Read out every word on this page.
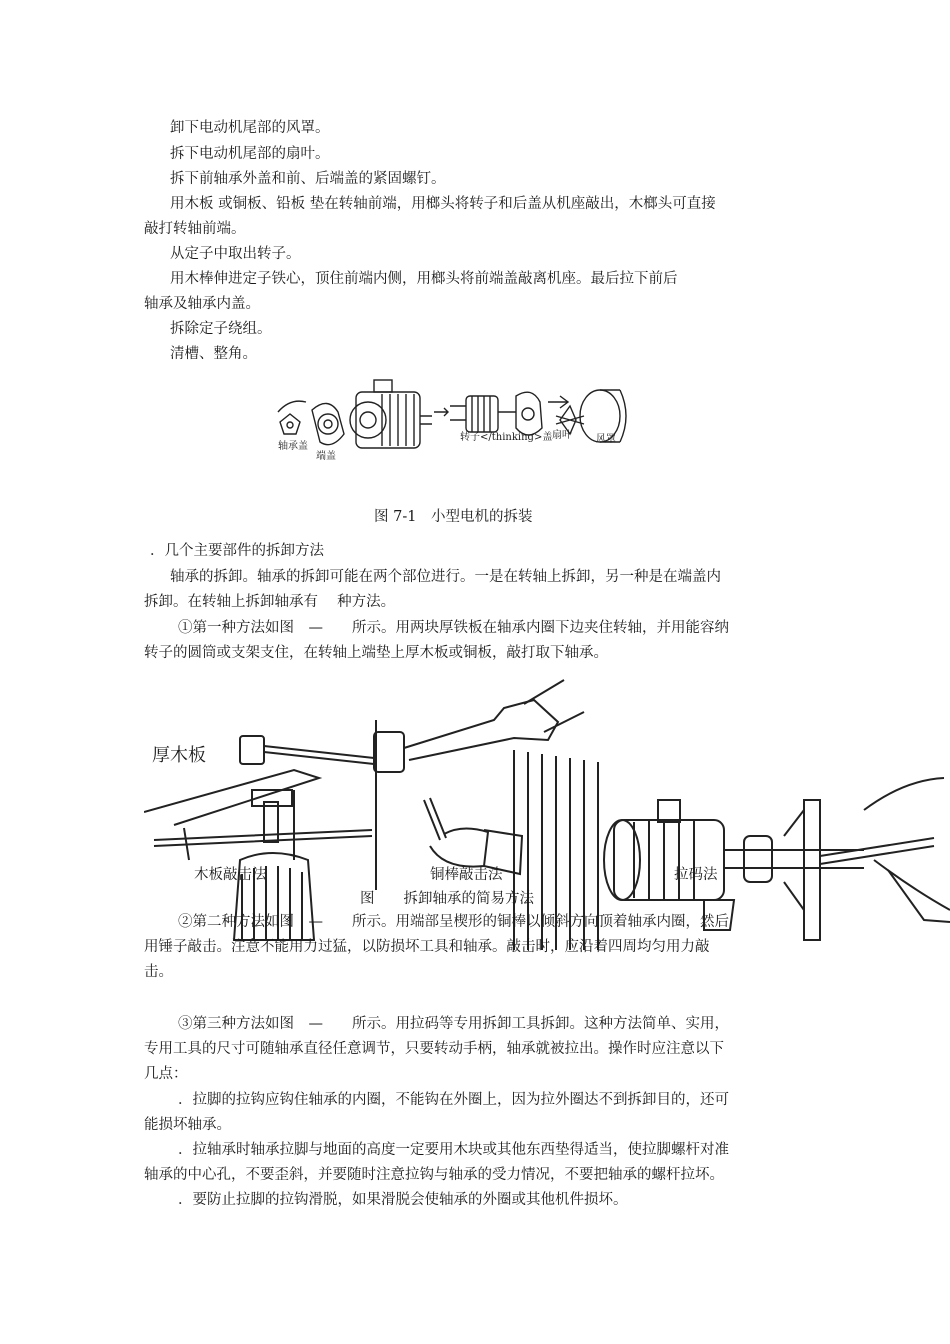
卸下电动机尾部的风罩。
拆下电动机尾部的扇叶。
拆下前轴承外盖和前、后端盖的紧固螺钉。
用木板 或铜板、铅板 垫在转轴前端，用榔头将转子和后盖从机座敲出，木榔头可直接
敲打转轴前端。
从定子中取出转子。
用木棒伸进定子铁心，顶住前端内侧，用榔头将前端盖敲离机座。最后拉下前后
轴承及轴承内盖。
拆除定子绕组。
清槽、整角。
轴承盖
端盖
转子</thinking>盖 扇叶 风罩
图 7-1　小型电机的拆装
．几个主要部件的拆卸方法
轴承的拆卸。轴承的拆卸可能在两个部位进行。一是在转轴上拆卸，另一种是在端盖内
拆卸。在转轴上拆卸轴承有　 种方法。
①第一种方法如图　—　　所示。用两块厚铁板在轴承内圈下边夹住转轴，并用能容纳
转子的圆筒或支架支住，在转轴上端垫上厚木板或铜板，敲打取下轴承。
厚木板
木板敲击法	铜棒敲击法	拉码法
图　　拆卸轴承的简易方法
②第二种方法如图　—　　所示。用端部呈楔形的铜棒以倾斜方向顶着轴承内圈，然后
用锤子敲击。注意不能用力过猛，以防损坏工具和轴承。敲击时，应沿着四周均匀用力敲
击。
③第三种方法如图　—　　所示。用拉码等专用拆卸工具拆卸。这种方法简单、实用，
专用工具的尺寸可随轴承直径任意调节，只要转动手柄，轴承就被拉出。操作时应注意以下
几点：
．拉脚的拉钩应钩住轴承的内圈，不能钩在外圈上，因为拉外圈达不到拆卸目的，还可
能损坏轴承。
．拉轴承时轴承拉脚与地面的高度一定要用木块或其他东西垫得适当，使拉脚螺杆对准
轴承的中心孔，不要歪斜，并要随时注意拉钩与轴承的受力情况，不要把轴承的螺杆拉坏。
．要防止拉脚的拉钩滑脱，如果滑脱会使轴承的外圈或其他机件损坏。
